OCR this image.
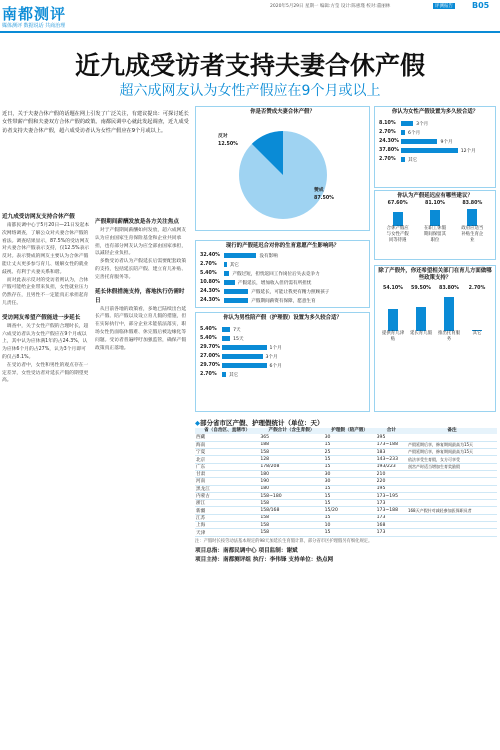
南都测评
媒体测评 数据说话 共商治理
2020年5月29日 星期一 编辑:方莹 设计:陈惠瑾 校对:董丽林	评测报告 B05
近九成受访者支持夫妻合休产假
超六成网友认为女性产假应在9个月或以上
近日，关于夫妻合休产假的话题在网上引发了广泛关注，有建议提出：可探讨延长女性带薪产假和夫妻双方合休产假的政策。南都民调中心就此发起调查，近九成受访者支持夫妻合休产假，超六成受访者认为女性产假应在9个月或以上。
近九成受访网友支持合休产假
南都民调中心于5月20日—21日发起本次网络调查，了解公众对夫妻合休产假的看法。调查结果显示，87.5%的受访网友对夫妻合休产假表示支持，仅12.5%表示反对。表示赞成的网友主要认为合休产假能让丈夫更多参与育儿、缓解女性的就业歧视、有利于夫妻关系和谐。
而对此表示反对的受访者则认为，合休产假可能给企业带来负担，女性就业压力仍然存在，且男性不一定能真正承担起育儿责任。
受访网友希望产假能进一步延长
调查中，关于女性产假的合理时长，超六成受访者认为女性产假应在9个月或以上，其中认为应休满1年的占24.3%，认为应休6个月的占27%，认为3个月即可的仅占8.1%。
在受访者中，女性和男性的观点存在一定差异，女性受访者对延长产假的期望更高。
产假期间薪酬发放是各方关注焦点
对于产假期间薪酬如何发放，超六成网友认为应由国家生育保险基金和企业共同承担，也有部分网友认为应全部由国家承担，以减轻企业负担。
多数受访者认为产假延长后需要配套政策的支持，包括延长陪产假、建立育儿补贴、完善托育服务等。
延长休假措施支持，落地执行仍需时日
从目前各地的政策看，多地已陆续出台延长产假、陪产假以及设立育儿假的措施，但在实际执行中，部分企业未能依法落实，职场女性仍面临休假难、休完假后被边缘化等问题。受访者普遍呼吁加强监管，确保产假政策真正落地。
你是否赞成夫妻合休产假？
反对
12.50%
赞成
87.50%
你认为女性产假设置为多久较合适？
8.10%	3个月
2.70%	6个月
24.30%	9个月
37.80%	12个月
2.70%	其它
你认为产假延迟应有哪些建议？
67.60%
合休产假应与女性产假同等待遇
81.10%
在职工休假期间保留其职位
83.80%
政府应适当补贴生育企业
现行的产假延迟合对你的生育意愿产生影响吗？
32.40%	没有影响
2.70%	其它
5.40%	产假过短，担忧返回工作岗位后失去竞争力
10.80%	产假延长，增加收入但仍需有所担忧
24.30%	产假延长，可能让我更有精力照顾孩子
24.30%	产假期间薪资有保障，愿意生育
你认为男性陪产假（护理假）设置为多久较合适？
5.40%	7天
5.40%	15天
29.70%	1个月
27.00%	3个月
29.70%	6个月
2.70%	其它
除了产假外，你还希望相关部门在育儿方面做哪些政策支持？
54.10%
提供育儿津贴
59.50%
延长育儿假
83.80%
推出托育服务
2.70%
其它
◆部分省市区产假、护理假统计（单位：天）
省（自治区、直辖市）	产假合计（含生育假）	护理假（陪产假）	合计	备注
西藏	365	30	395	
海南	188	15	173~188	产假延期后享，修复期间最高为15天
宁夏	158	25	183	产假延期后享，修复期间最高为15天
北京	128	15	143~233	依法享受生育假，女方可享受
广东	178/208	15	193/223	剖宫产时适当增加生育奖励假
甘肃	180	30	210	
河南	190	30	220	
黑龙江	180	15	195	
内蒙古	158~180	15	173~195	
浙江	158	15	173	
新疆	158/168	15/20	173~188	168天产假针对减轻参加医保职员者
江苏	158	15	173	
上海	158	10	168	
天津	158	15	173	
注：产假时长按劳动法基本规定的98天加延长生育假计算，部分省市区护理假另有细化规定。
项目总指：南都民调中心 项目监制：谢斌
项目主持：南都测评组 执行：李伟锋 支持单位：热点网
